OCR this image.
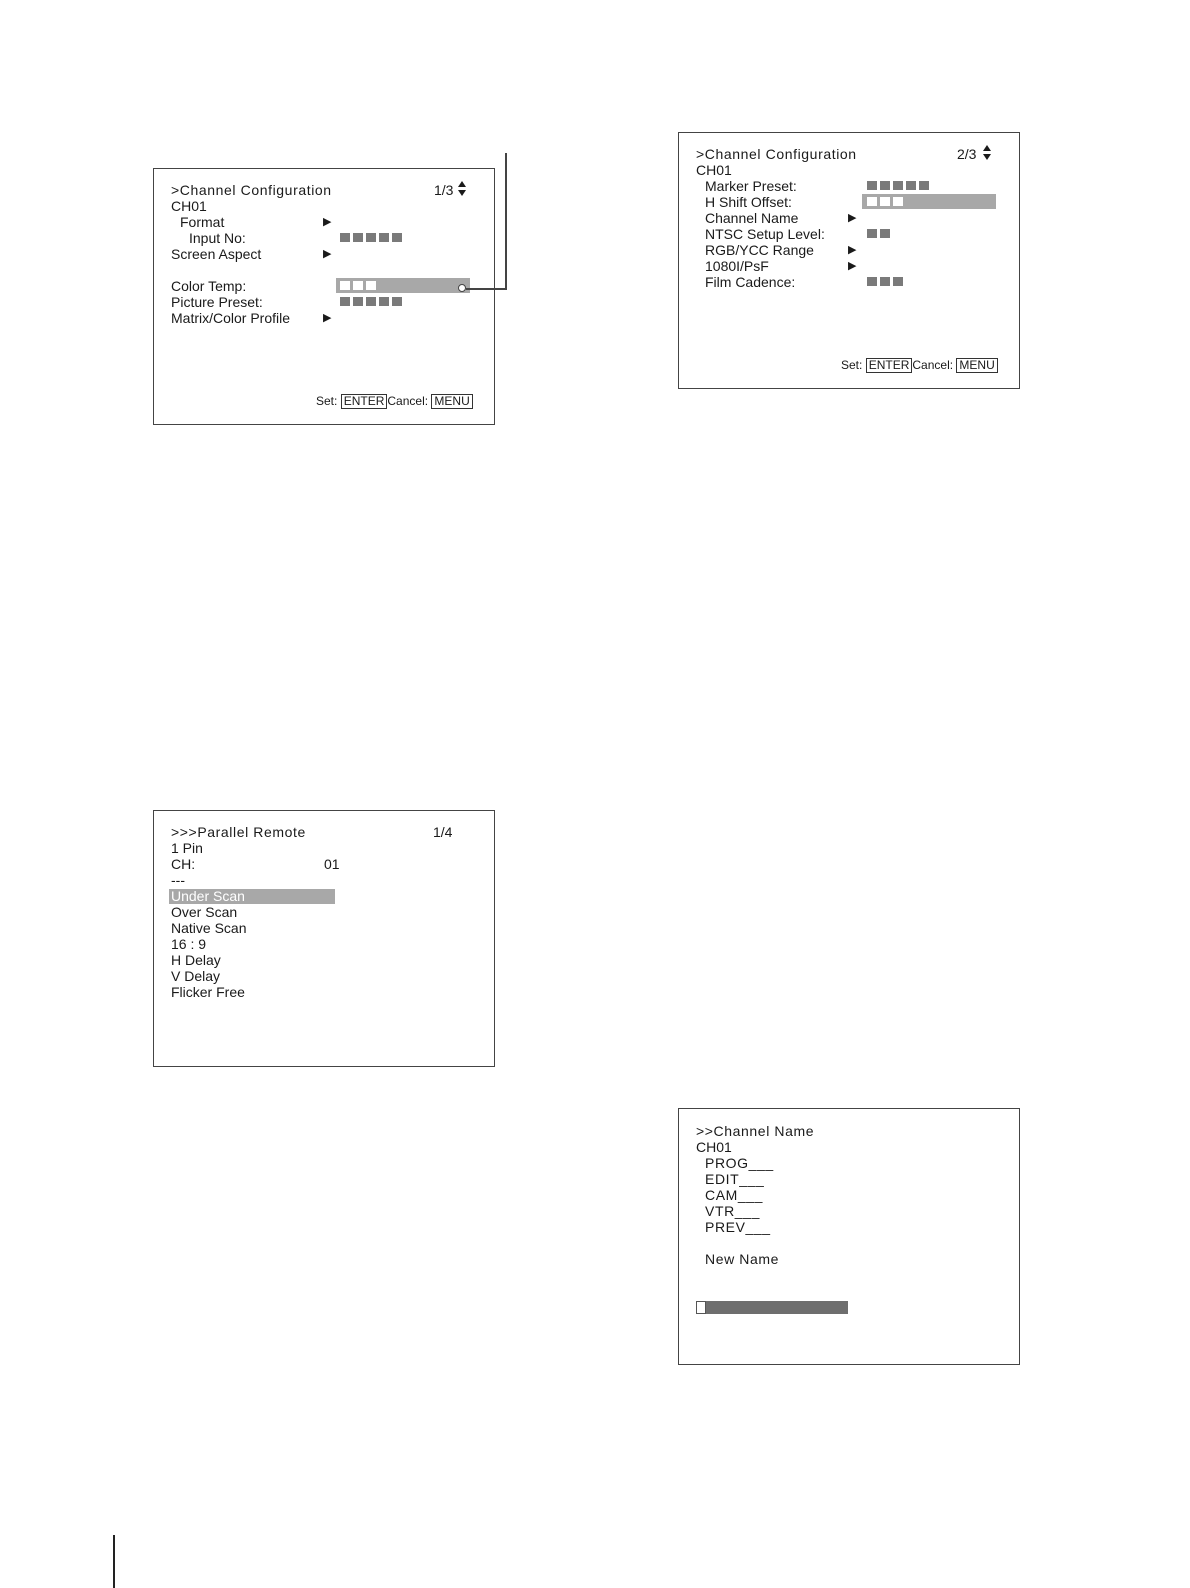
>Channel Configuration	1/3
CH01
Format	▶
Input No:
Screen Aspect	▶
Color Temp:
Picture Preset:
Matrix/Color Profile	▶
Set: ENTER Cancel: MENU
>Channel Configuration	2/3
CH01
Marker Preset:
H Shift Offset:
Channel Name	▶
NTSC Setup Level:
RGB/YCC Range	▶
1080I/PsF	▶
Film Cadence:
Set: ENTER Cancel: MENU
>>>Parallel Remote	1/4
1 Pin
CH:	01
---
Under Scan
Over Scan
Native Scan
16 : 9
H Delay
V Delay
Flicker Free
>>Channel Name
CH01
PROG___
EDIT___
CAM___
VTR___
PREV___
New Name
